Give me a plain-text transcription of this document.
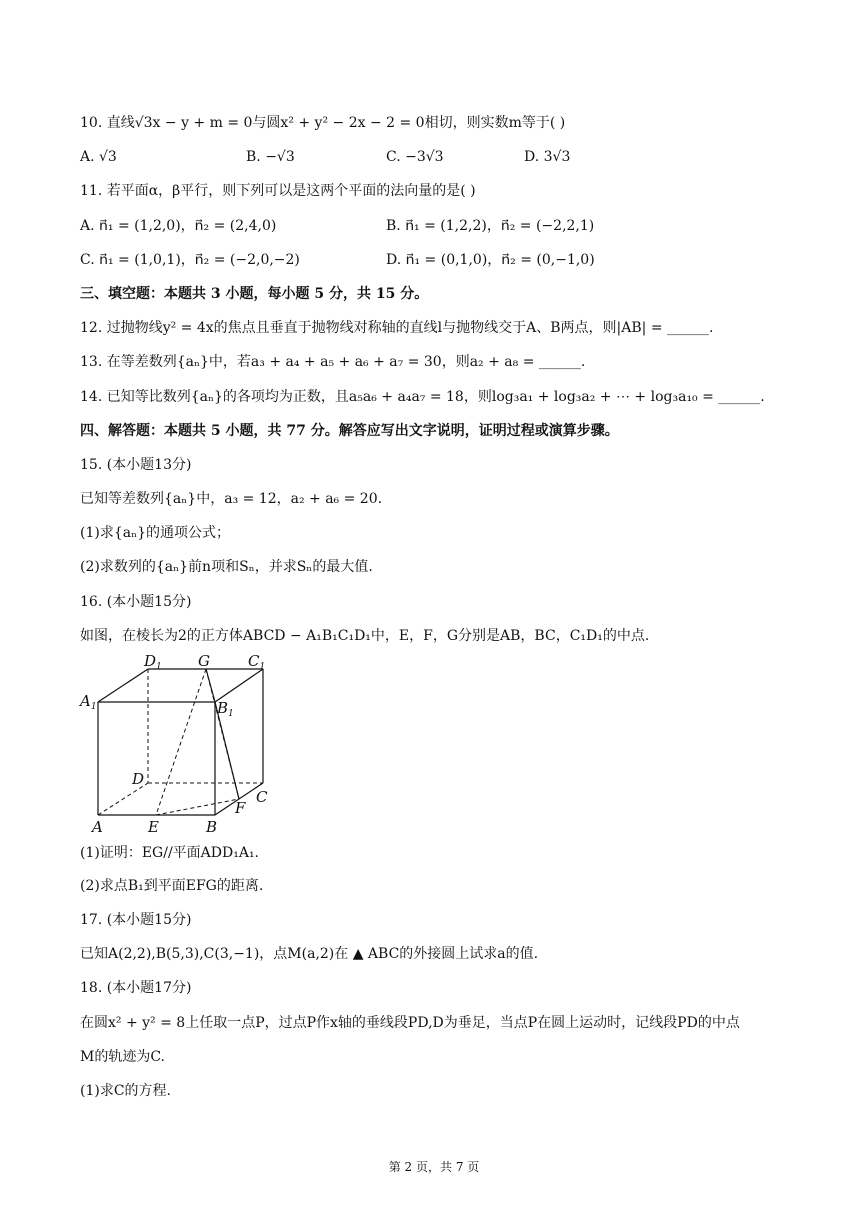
10. 直线√3x − y + m = 0与圆x² + y² − 2x − 2 = 0相切，则实数m等于( )
A. √3	B. −√3	C. −3√3	D. 3√3
11. 若平面α，β平行，则下列可以是这两个平面的法向量的是( )
A. n⃗₁ = (1,2,0)，n⃗₂ = (2,4,0)	B. n⃗₁ = (1,2,2)，n⃗₂ = (−2,2,1)
C. n⃗₁ = (1,0,1)，n⃗₂ = (−2,0,−2)	D. n⃗₁ = (0,1,0)，n⃗₂ = (0,−1,0)
三、填空题：本题共 3 小题，每小题 5 分，共 15 分。
12. 过抛物线y² = 4x的焦点且垂直于抛物线对称轴的直线l与抛物线交于A、B两点，则|AB| = ______.
13. 在等差数列{aₙ}中，若a₃ + a₄ + a₅ + a₆ + a₇ = 30，则a₂ + a₈ = ______.
14. 已知等比数列{aₙ}的各项均为正数，且a₅a₆ + a₄a₇ = 18，则log₃a₁ + log₃a₂ + ⋯ + log₃a₁₀ = ______.
四、解答题：本题共 5 小题，共 77 分。解答应写出文字说明，证明过程或演算步骤。
15. (本小题13分)
已知等差数列{aₙ}中，a₃ = 12，a₂ + a₆ = 20.
(1)求{aₙ}的通项公式；
(2)求数列的{aₙ}前n项和Sₙ，并求Sₙ的最大值.
16. (本小题15分)
如图，在棱长为2的正方体ABCD − A₁B₁C₁D₁中，E，F，G分别是AB，BC，C₁D₁的中点.
$A_1$
$D_1$ G	$C_1$
$B_1$
D
C
F
A	E	B
(1)证明：EG//平面ADD₁A₁.
(2)求点B₁到平面EFG的距离.
17. (本小题15分)
已知A(2,2),B(5,3),C(3,−1)，点M(a,2)在 ▲ ABC的外接圆上试求a的值.
18. (本小题17分)
在圆x² + y² = 8上任取一点P，过点P作x轴的垂线段PD,D为垂足，当点P在圆上运动时，记线段PD的中点
M的轨迹为C.
(1)求C的方程.
第 2 页，共 7 页
